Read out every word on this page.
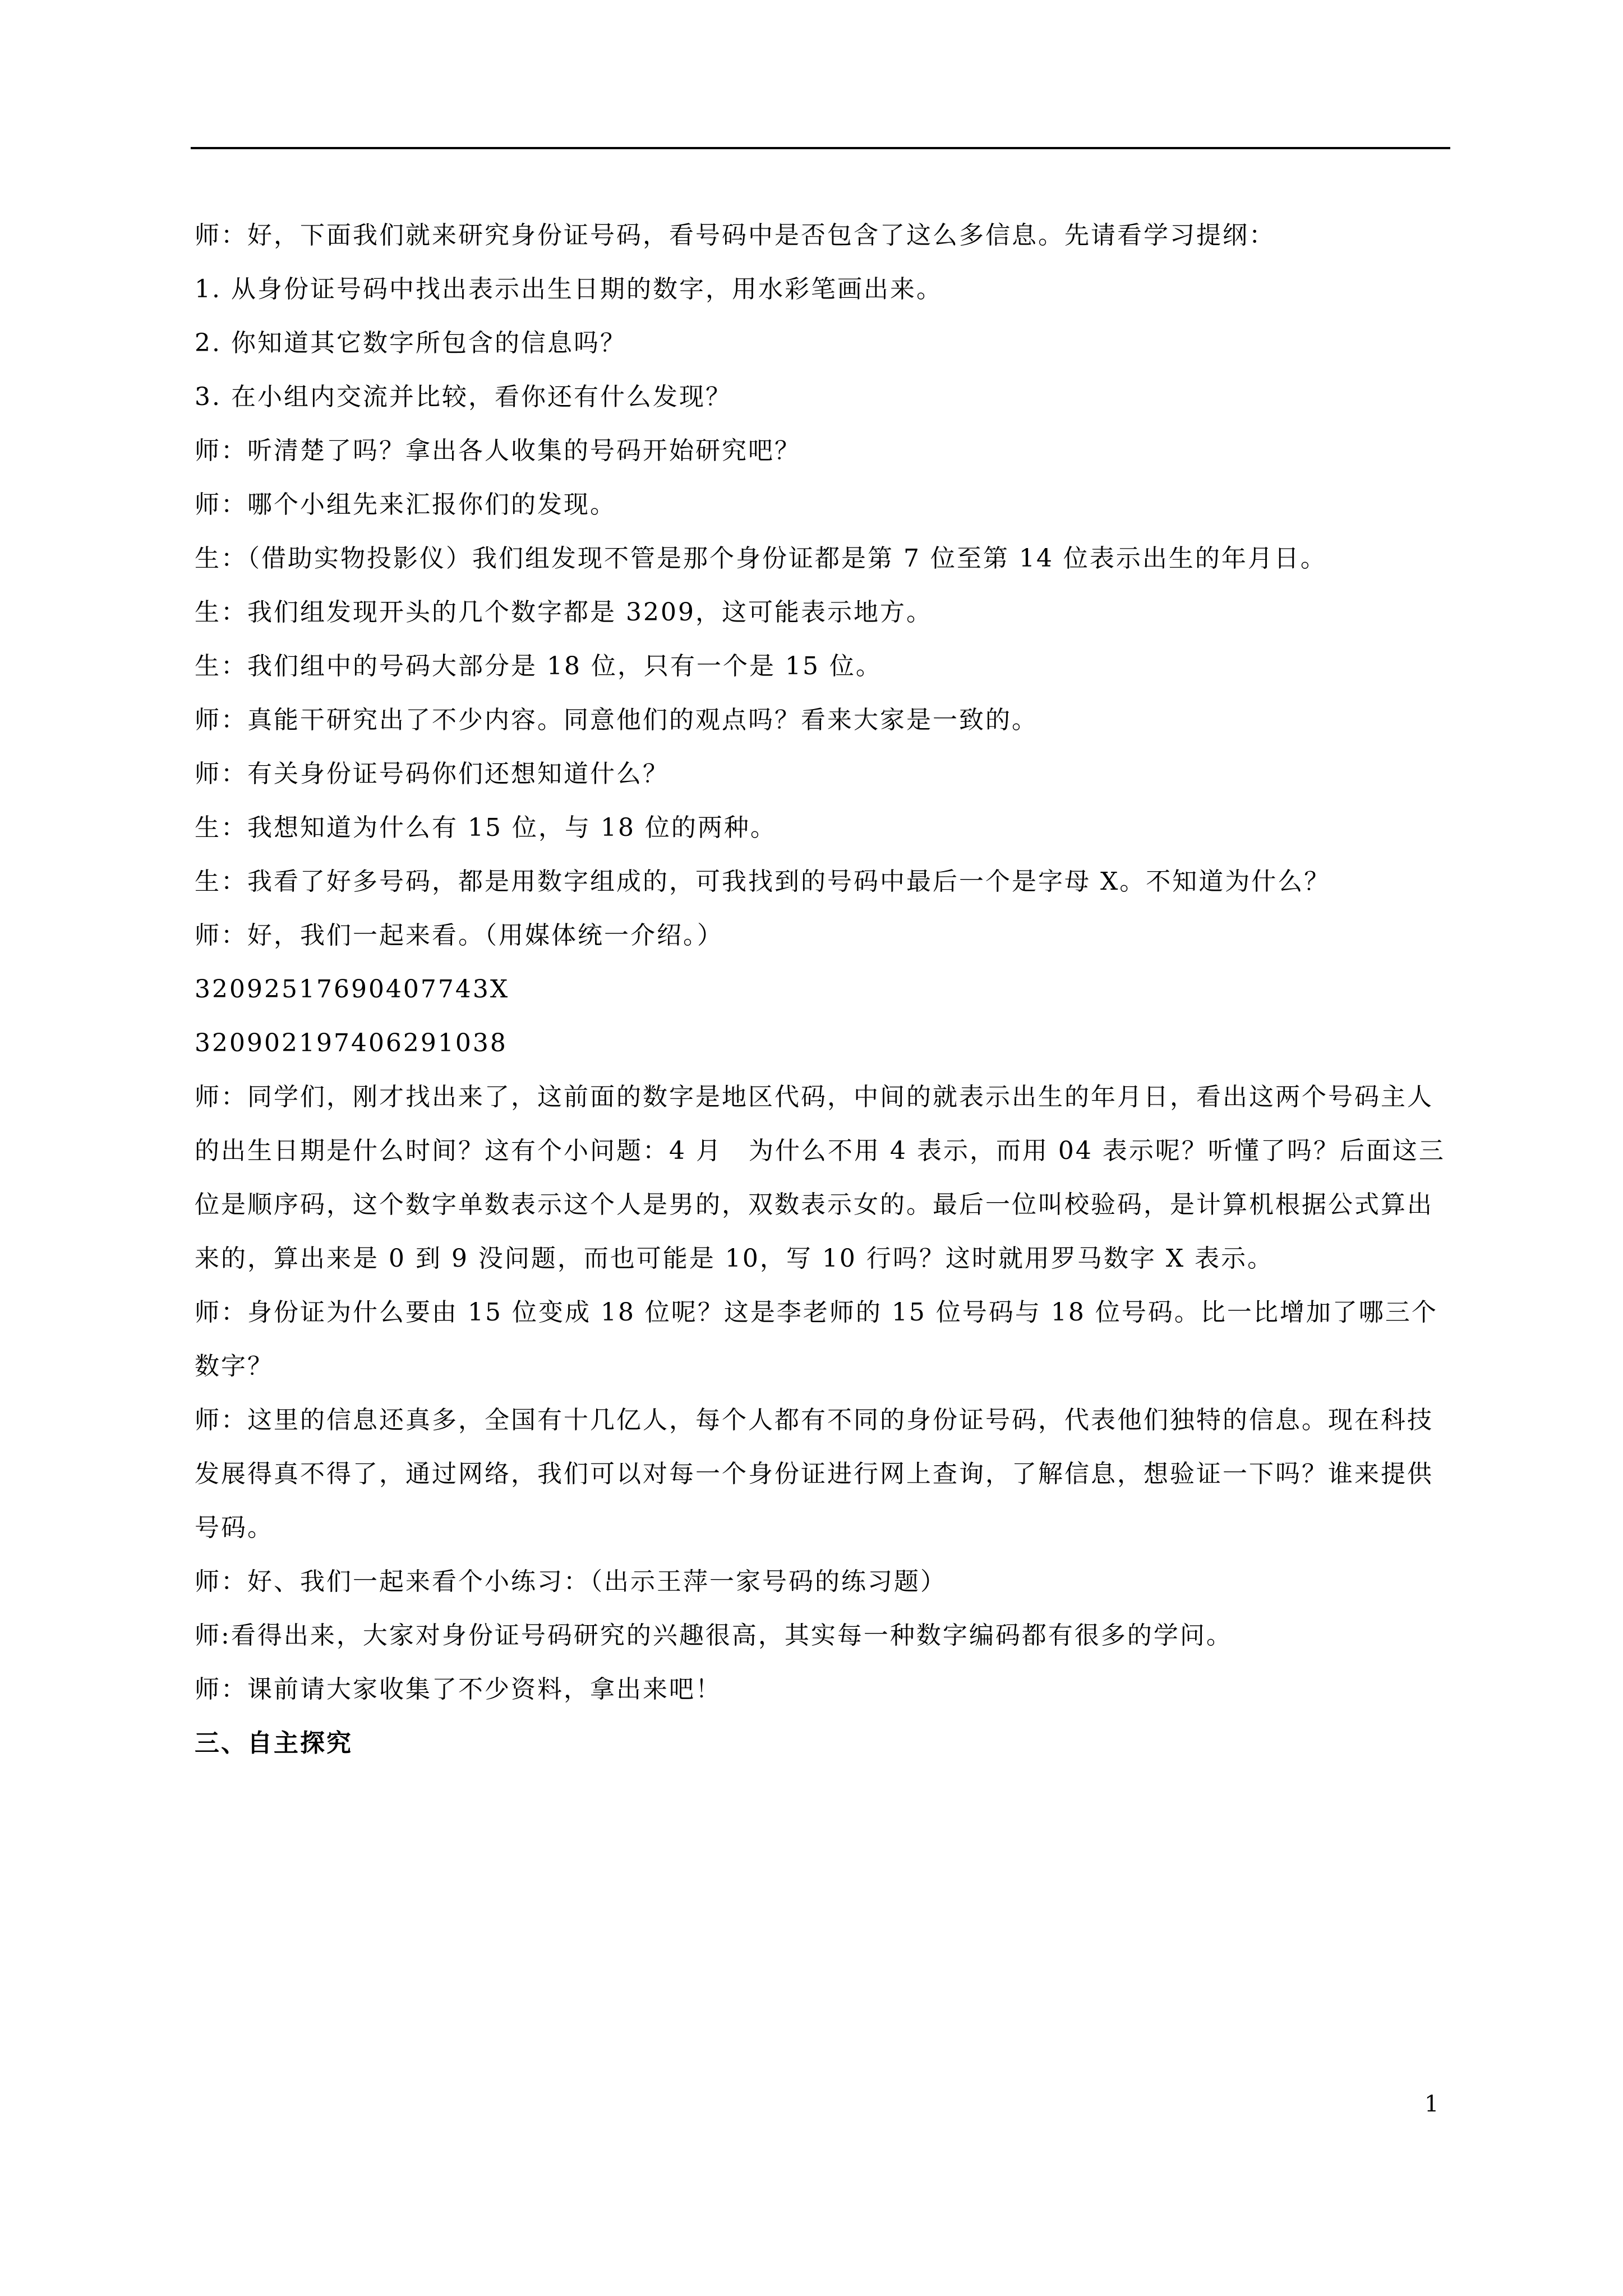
师：好，下面我们就来研究身份证号码，看号码中是否包含了这么多信息。先请看学习提纲：
1. 从身份证号码中找出表示出生日期的数字，用水彩笔画出来。
2. 你知道其它数字所包含的信息吗？
3. 在小组内交流并比较，看你还有什么发现？
师：听清楚了吗？拿出各人收集的号码开始研究吧？
师：哪个小组先来汇报你们的发现。
生：（借助实物投影仪）我们组发现不管是那个身份证都是第 7 位至第 14 位表示出生的年月日。
生：我们组发现开头的几个数字都是 3209，这可能表示地方。
生：我们组中的号码大部分是 18 位，只有一个是 15 位。
师：真能干研究出了不少内容。同意他们的观点吗？看来大家是一致的。
师：有关身份证号码你们还想知道什么？
生：我想知道为什么有 15 位，与 18 位的两种。
生：我看了好多号码，都是用数字组成的，可我找到的号码中最后一个是字母 X。不知道为什么？
师：好，我们一起来看。（用媒体统一介绍。）
32092517690407743X
320902197406291038
师：同学们，刚才找出来了，这前面的数字是地区代码，中间的就表示出生的年月日，看出这两个号码主人的出生日期是什么时间？这有个小问题：4 月　为什么不用 4 表示，而用 04 表示呢？听懂了吗？后面这三位是顺序码，这个数字单数表示这个人是男的，双数表示女的。最后一位叫校验码，是计算机根据公式算出来的，算出来是 0 到 9 没问题，而也可能是 10，写 10 行吗？这时就用罗马数字 X 表示。
师：身份证为什么要由 15 位变成 18 位呢？这是李老师的 15 位号码与 18 位号码。比一比增加了哪三个数字？
师：这里的信息还真多，全国有十几亿人，每个人都有不同的身份证号码，代表他们独特的信息。现在科技发展得真不得了，通过网络，我们可以对每一个身份证进行网上查询，了解信息，想验证一下吗？谁来提供号码。
师：好、我们一起来看个小练习：（出示王萍一家号码的练习题）
师:看得出来，大家对身份证号码研究的兴趣很高，其实每一种数字编码都有很多的学问。
师：课前请大家收集了不少资料，拿出来吧！
三、自主探究
1
